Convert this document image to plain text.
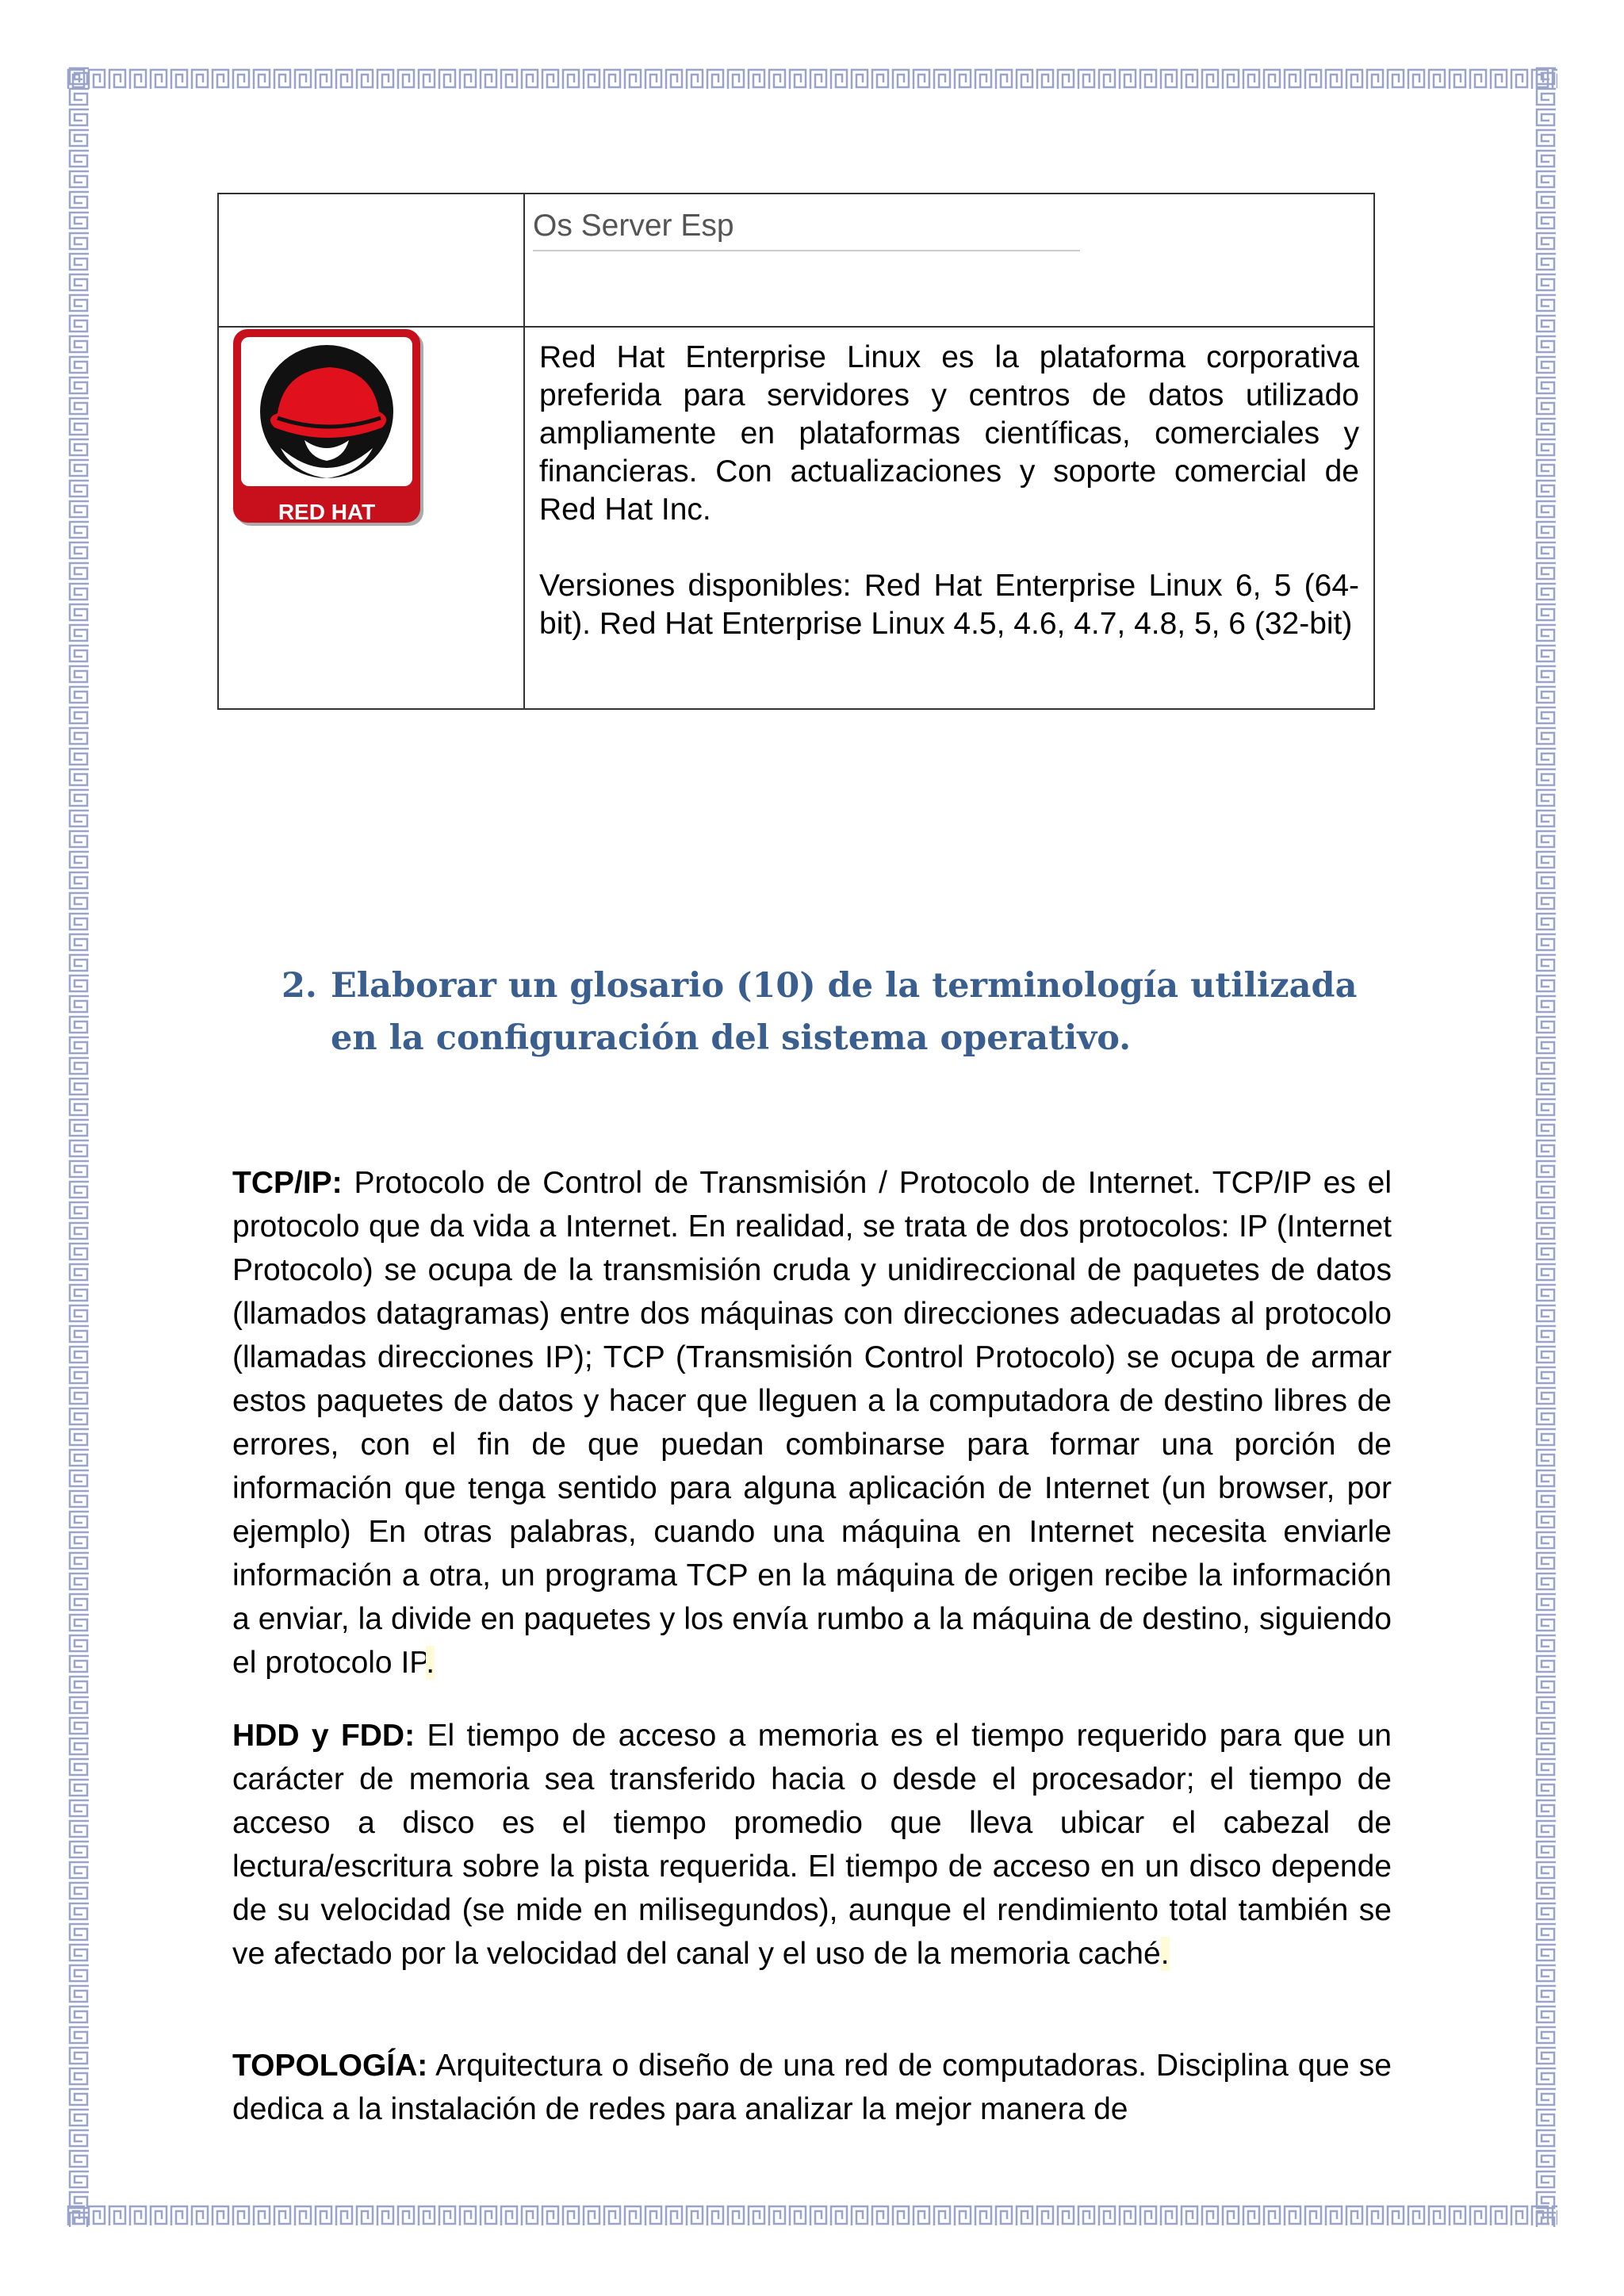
	Os Server Esp

RED HAT	Red Hat Enterprise Linux es la plataforma corporativa preferida para servidores y centros de datos utilizado ampliamente en plataformas científicas, comerciales y financieras. Con actualizaciones y soporte comercial de Red Hat Inc.

Versiones disponibles: Red Hat Enterprise Linux 6, 5 (64-bit). Red Hat Enterprise Linux 4.5, 4.6, 4.7, 4.8, 5, 6 (32-bit)

2. Elaborar un glosario (10) de la terminología utilizada en la configuración del sistema operativo.

TCP/IP: Protocolo de Control de Transmisión / Protocolo de Internet. TCP/IP es el protocolo que da vida a Internet. En realidad, se trata de dos protocolos: IP (Internet Protocolo) se ocupa de la transmisión cruda y unidireccional de paquetes de datos (llamados datagramas) entre dos máquinas con direcciones adecuadas al protocolo (llamadas direcciones IP); TCP (Transmisión Control Protocolo) se ocupa de armar estos paquetes de datos y hacer que lleguen a la computadora de destino libres de errores, con el fin de que puedan combinarse para formar una porción de información que tenga sentido para alguna aplicación de Internet (un browser, por ejemplo) En otras palabras, cuando una máquina en Internet necesita enviarle información a otra, un programa TCP en la máquina de origen recibe la información a enviar, la divide en paquetes y los envía rumbo a la máquina de destino, siguiendo el protocolo IP.

HDD y FDD: El tiempo de acceso a memoria es el tiempo requerido para que un carácter de memoria sea transferido hacia o desde el procesador; el tiempo de acceso a disco es el tiempo promedio que lleva ubicar el cabezal de lectura/escritura sobre la pista requerida. El tiempo de acceso en un disco depende de su velocidad (se mide en milisegundos), aunque el rendimiento total también se ve afectado por la velocidad del canal y el uso de la memoria caché.

TOPOLOGÍA: Arquitectura o diseño de una red de computadoras. Disciplina que se dedica a la instalación de redes para analizar la mejor manera de
